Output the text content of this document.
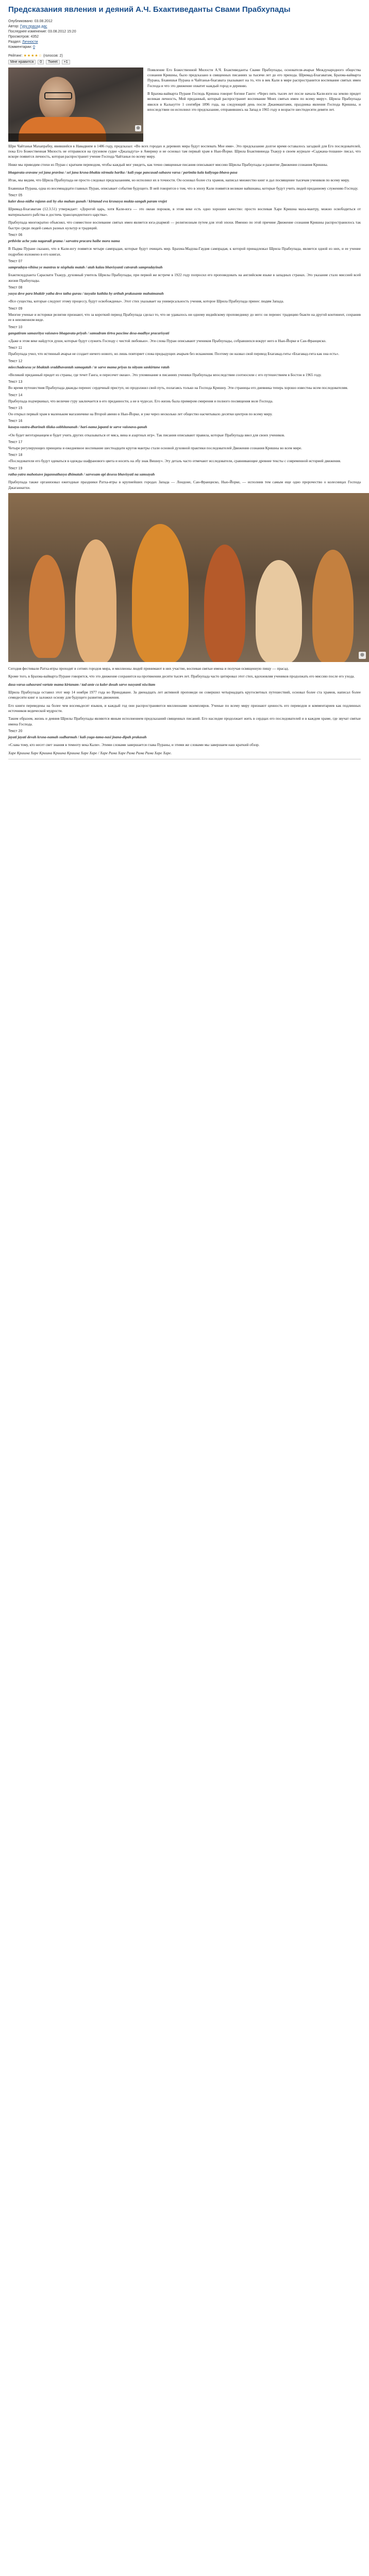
Предсказания явления и деяний А.Ч. Бхактиведанты Свами Прабхупады
Опубликовано: 03.08.2012
Автор: Гуру прасад дас
Последнее изменение: 03.08.2012 15:20
Просмотров: 4352
Раздел: Личности
Комментарии: 0
Рейтинг: ★★★★☆ (голосов: 2)
Мне нравится 0 Tweet +1
⊕

Появление Его Божественной Милости А.Ч. Бхактиведанты Свами Прабхупады, основателя-ачарьи Международного общества сознания Кришны, было предсказано в священных писаниях за тысячи лет до его прихода. Шримад-Бхагаватам, Брахма-вайварта Пурана, Бхавишья Пурана и Чайтанья-бхагавата указывают на то, что в век Кали в мире распространится воспевание святых имен Господа и что это движение охватит каждый город и деревню.

В Брахма-вайварта Пуране Господь Кришна говорит богине Ганге: «Через пять тысяч лет после начала Кали-юги на землю придет великая личность, Мой преданный, который распространит воспевание Моих святых имен по всему миру». Шрила Прабхупада явился в Калькутте 1 сентября 1896 года, на следующий день после Джанмаштами, праздника явления Господа Кришны, и впоследствии он исполнил это предсказание, отправившись на Запад в 1965 году в возрасте шестидесяти девяти лет.

Шри Чайтанья Махапрабху, явившийся в Навадвипе в 1486 году, предсказал: «Во всех городах и деревнях мира будут воспевать Мое имя». Это предсказание долгое время оставалось загадкой для Его последователей, пока Его Божественная Милость не отправился на грузовом судне «Джаладута» в Америку и не основал там первый храм в Нью-Йорке. Шрила Бхактивинода Тхакур в своем журнале «Саджана-тошани» писал, что вскоре появится личность, которая распространит учение Господа Чайтаньи по всему миру.

Ниже мы приводим стихи из Пуран с кратким переводом, чтобы каждый мог увидеть, как точно священные писания описывают миссию Шрилы Прабхупады и развитие Движения сознания Кришны.

bhagavata-sravane yei jana pravina / sei jana krsna-bhakta nirmala harika / kali-yuge pancasad-sahasra varsa / parimita kala kaliyuga-bhava-pasa

Итак, мы видим, что Шрила Прабхупада не просто следовал предсказаниям, но исполнил их в точности. Он основал более ста храмов, написал множество книг и дал посвящение тысячам учеников по всему миру.

Бхавишья Пурана, одна из восемнадцати главных Пуран, описывает события будущего. В ней говорится о том, что в эпоху Кали появятся великие вайшнавы, которые будут учить людей преданному служению Господу.

Текст 05
kaler dosa-nidhe rajann asti hy eko mahan gunah / kirtanad eva krsnasya mukta-sangah param vrajet

Шримад-Бхагаватам (12.3.51) утверждает: «Дорогой царь, хотя Кали-юга — это океан пороков, в этом веке есть одно хорошее качество: просто воспевая Харе Кришна маха-мантру, можно освободиться от материального рабства и достичь трансцендентного царства».

Прабхупада многократно объяснял, что совместное воспевание святых имен является юга-дхармой — религиозным путем для этой эпохи. Именно по этой причине Движение сознания Кришны распространилось так быстро среди людей самых разных культур и традиций.

Текст 06
prthivite ache yata nagaradi grama / sarvatra pracara haibe mora nama

В Падма Пуране сказано, что в Кали-югу появятся четыре сампрадаи, которые будут очищать мир. Брахма-Мадхва-Гаудия сампрадая, к которой принадлежал Шрила Прабхупада, является одной из них, и ее учение подробно изложено в его книгах.

Текст 07
sampradaya-vihina ye mantras te nisphala matah / atah kalau bhavisyanti catvarah sampradayinah

Бхактисиддханта Сарасвати Тхакур, духовный учитель Шрилы Прабхупады, при первой же встрече в 1922 году попросил его проповедовать на английском языке в западных странах. Это указание стало миссией всей жизни Прабхупады.

Текст 08
yasya deve para bhaktir yatha deve tatha gurau / tasyaite kathita hy arthah prakasante mahatmanah

«Все существа, которые следуют этому процессу, будут освобождены». Этот стих указывает на универсальность учения, которое Шрила Прабхупада принес людям Запада.

Текст 09

Многие ученые и историки религии признают, что за короткий период Прабхупада сделал то, что не удавалось ни одному индийскому проповеднику до него: он перенес традицию бхакти на другой континент, сохранив ее в неизменном виде.

Текст 10
gangatiram samasritya vaisnavo bhagavata-priyah / samudram tirtva pascime desa-madhye pracarisyati

«Даже в этом веке найдутся души, которые будут служить Господу с чистой любовью». Эти слова Пуран описывают учеников Прабхупады, собравшихся вокруг него в Нью-Йорке и Сан-Франциско.

Текст 11

Прабхупада учил, что истинный ачарья не создает ничего нового, но лишь повторяет слова предыдущих ачарьев без искажения. Поэтому он назвал свой перевод Бхагавад-гиты «Бхагавад-гита как она есть».

Текст 12
mlecchadesesu ye bhaktah sraddhavantah samagatah / te sarve mama priyas tu nityam sankirtane ratah

«Великий преданный придет из страны, где течет Ганга, и пересечет океан». Это упоминание в писаниях ученики Прабхупады впоследствии соотносили с его путешествием в Бостон в 1965 году.

Текст 13

Во время путешествия Прабхупада дважды перенес сердечный приступ, но продолжил свой путь, полагаясь только на Господа Кришну. Эти страницы его дневника теперь хорошо известны всем последователям.

Текст 14

Прабхупада подчеркивал, что величие гуру заключается в его преданности, а не в чудесах. Его жизнь была примером смирения и полного посвящения воле Господа.

Текст 15

Он открыл первый храм в маленьком магазинчике на Второй авеню в Нью-Йорке, и уже через несколько лет общество насчитывало десятки центров по всему миру.

Текст 16
kasaya-vastra-dharinah tilaka-sobhitananah / hari-nama japanti te sarve vaisnava-ganah

«Он будет вегетарианцем и будет учить других отказываться от мяса, вина и азартных игр». Так писания описывают правила, которые Прабхупада ввел для своих учеников.

Текст 17

Четыре регулирующих принципа и ежедневное воспевание шестнадцати кругов мантры стали основой духовной практики последователей Движения сознания Кришны во всем мире.

Текст 18

«Последователи его будут одеваться в одежды шафранового цвета и носить на лбу знак Вишну». Эту деталь часто отмечают исследователи, сравнивающие древние тексты с современной историей движения.

Текст 19
ratha-yatra mahotsave jagannathasya dhimatah / sarvesam api desesu bhavisyati na samsayah

Прабхупада также организовал ежегодные праздники Ратха-ятры в крупнейших городах Запада — Лондоне, Сан-Франциско, Нью-Йорке, — исполнив тем самым еще одно пророчество о колесницах Господа Джаганнатхи.

⊕

Сегодня фестивали Ратха-ятры проходят в сотнях городов мира, и миллионы людей принимают в них участие, воспевая святые имена и получая освященную пищу — прасад.

Кроме того, в Брахма-вайварта Пуране говорится, что это движение сохранится на протяжении десяти тысяч лет. Прабхупада часто цитировал этот стих, вдохновляя учеников продолжать его миссию после его ухода.

dasa-varsa-sahasrani vartate mama kirtanam / tad-ante ca kaler dosah sarve nasyanti niscitam

Шрила Прабхупада оставил этот мир 14 ноября 1977 года во Вриндаване. За двенадцать лет активной проповеди он совершил четырнадцать кругосветных путешествий, основал более ста храмов, написал более семидесяти книг и заложил основу для будущего развития движения.

Его книги переведены на более чем восемьдесят языков, и каждый год они распространяются миллионами экземпляров. Ученые по всему миру признают ценность его переводов и комментариев как подлинных источников ведической мудрости.

Таким образом, жизнь и деяния Шрилы Прабхупады являются явным исполнением предсказаний священных писаний. Его наследие продолжает жить в сердцах его последователей и в каждом храме, где звучат святые имена Господа.

Текст 20
jayati jayati devah krsna-namah sudharmah / kali-yuga-tama-nasi jnana-dipah prakasah

«Слава тому, кто несет свет знания в темноту века Кали». Этими словами завершается глава Пураны, и этими же словами мы завершаем наш краткий обзор.

Харе Кришна Харе Кришна Кришна Кришна Харе Харе / Харе Рама Харе Рама Рама Рама Харе Харе.
